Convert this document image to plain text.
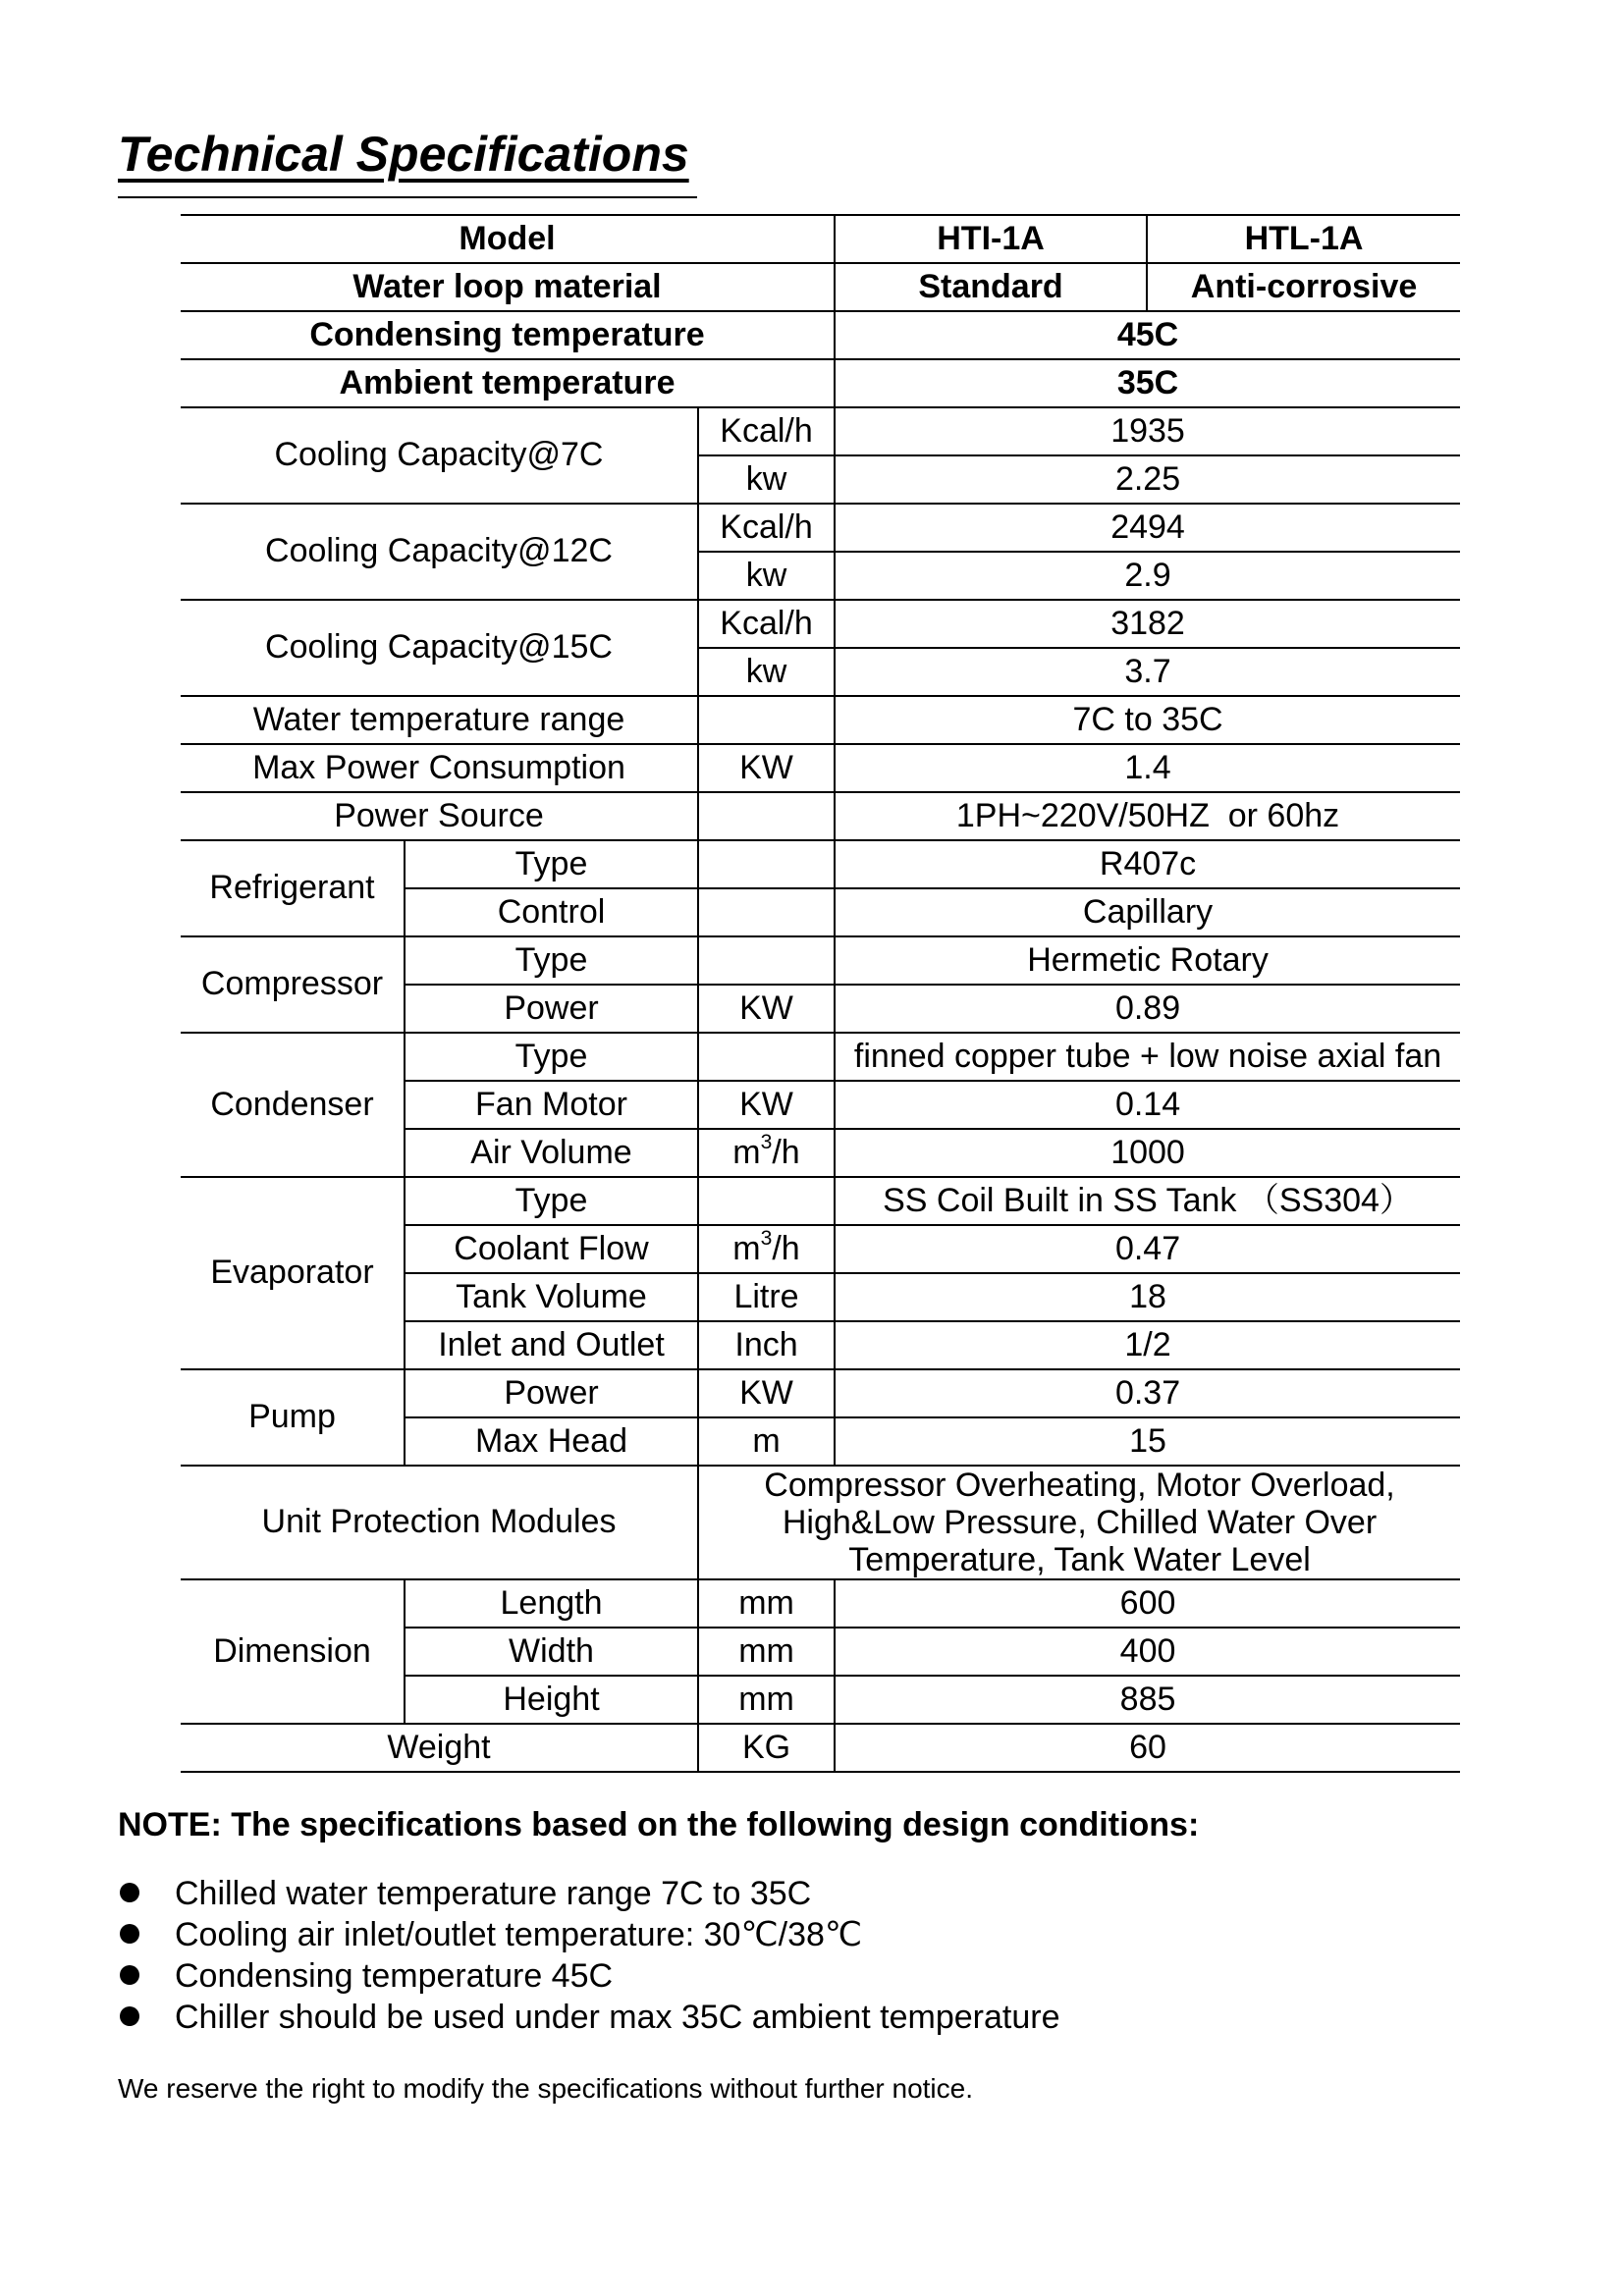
Technical Specifications
Model			HTI-1A	HTL-1A
Water loop material			Standard	Anti-corrosive
Condensing temperature			45C	
Ambient temperature			35C	
Cooling Capacity@7C		Kcal/h	1935	
		kw	2.25	
Cooling Capacity@12C		Kcal/h	2494	
		kw	2.9	
Cooling Capacity@15C		Kcal/h	3182	
		kw	3.7	
Water temperature range			7C to 35C	
Max Power Consumption		KW	1.4	
Power Source			1PH~220V/50HZ  or 60hz	
Refrigerant	Type		R407c	
	Control		Capillary	
Compressor	Type		Hermetic Rotary	
	Power	KW	0.89	
Condenser	Type		finned copper tube + low noise axial fan	
	Fan Motor	KW	0.14	
	Air Volume	$m^3/h$	1000	
Evaporator	Type		SS Coil Built in SS Tank （SS304）	
	Coolant Flow	$m^3/h$	0.47	
	Tank Volume	Litre	18	
	Inlet and Outlet	Inch	1/2	
Pump	Power	KW	0.37	
	Max Head	m	15	
Unit Protection Modules		Compressor Overheating, Motor Overload,
High&Low Pressure, Chilled Water Over
Temperature, Tank Water Level		

Dimension	Length	mm	600	
	Width	mm	400	
	Height	mm	885	
Weight		KG	60	
NOTE: The specifications based on the following design conditions:
Chilled water temperature range 7C to 35C
Cooling air inlet/outlet temperature: 30℃/38℃
Condensing temperature 45C
Chiller should be used under max 35C ambient temperature
We reserve the right to modify the specifications without further notice.
